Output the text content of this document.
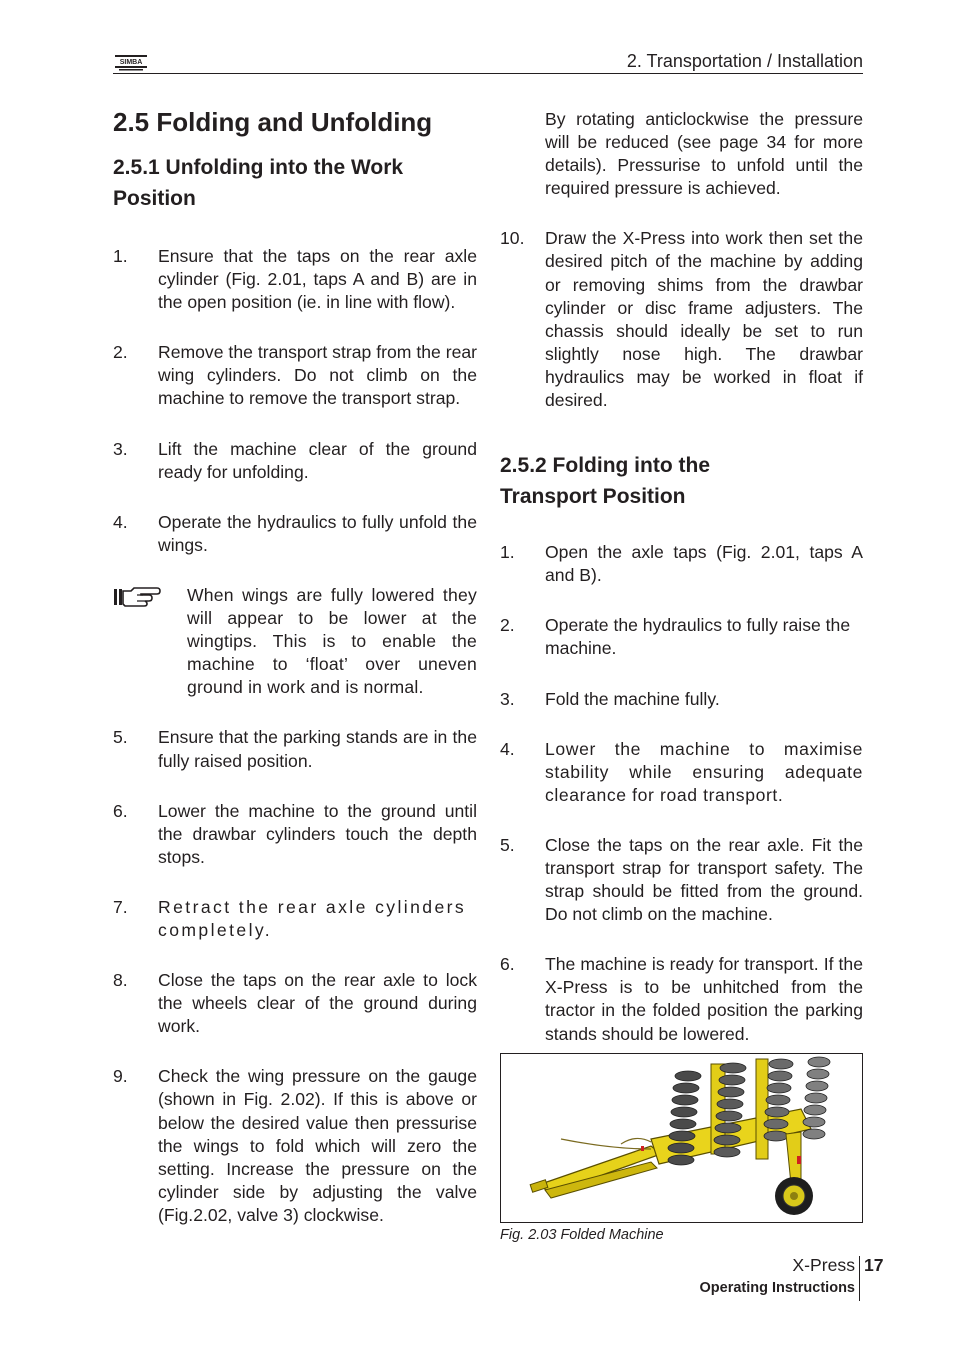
SIMBA	2. Transportation / Installation
2.5 Folding and Unfolding
2.5.1 Unfolding into the Work Position
1.	Ensure that the taps on the rear axle cylinder (Fig. 2.01, taps A and B) are in the open position (ie. in line with flow).
2.	Remove the transport strap from the rear wing cylinders. Do not climb on the machine to remove the transport strap.
3.	Lift the machine clear of the ground ready for unfolding.
4.	Operate the hydraulics to fully unfold the wings.
When wings are fully lowered they will appear to be lower at the wingtips. This is to enable the machine to ‘float’ over uneven ground in work and is normal.
5.	Ensure that the parking stands are in the fully raised position.
6.	Lower the machine to the ground until the drawbar cylinders touch the depth stops.
7.	Retract the rear axle cylinders completely.
8.	Close the taps on the rear axle to lock the wheels clear of the ground during work.
9.	Check the wing pressure on the gauge (shown in Fig. 2.02). If this is above or below the desired value then pressurise the wings to fold which will zero the setting. Increase the pressure on the cylinder side by adjusting the valve (Fig.2.02, valve 3) clockwise.
By rotating anticlockwise the pressure will be reduced (see page 34 for more details). Pressurise to unfold until the required pressure is achieved.
10.	Draw the X-Press into work then set the desired pitch of the machine by adding or removing shims from the drawbar cylinder or disc frame adjusters. The chassis should ideally be set to run slightly nose high. The drawbar hydraulics may be worked in float if desired.
2.5.2 Folding into the Transport Position
1.	Open the axle taps (Fig. 2.01, taps A and B).
2.	Operate the hydraulics to fully raise the machine.
3.	Fold the machine fully.
4.	Lower the machine to maximise stability while ensuring adequate clearance for road transport.
5.	Close the taps on the rear axle. Fit the transport strap for transport safety. The strap should be fitted from the ground. Do not climb on the machine.
6.	The machine is ready for transport. If the X-Press is to be unhitched from the tractor in the folded position the parking stands should be lowered.
Fig. 2.03 Folded Machine
X-Press 17
Operating Instructions
